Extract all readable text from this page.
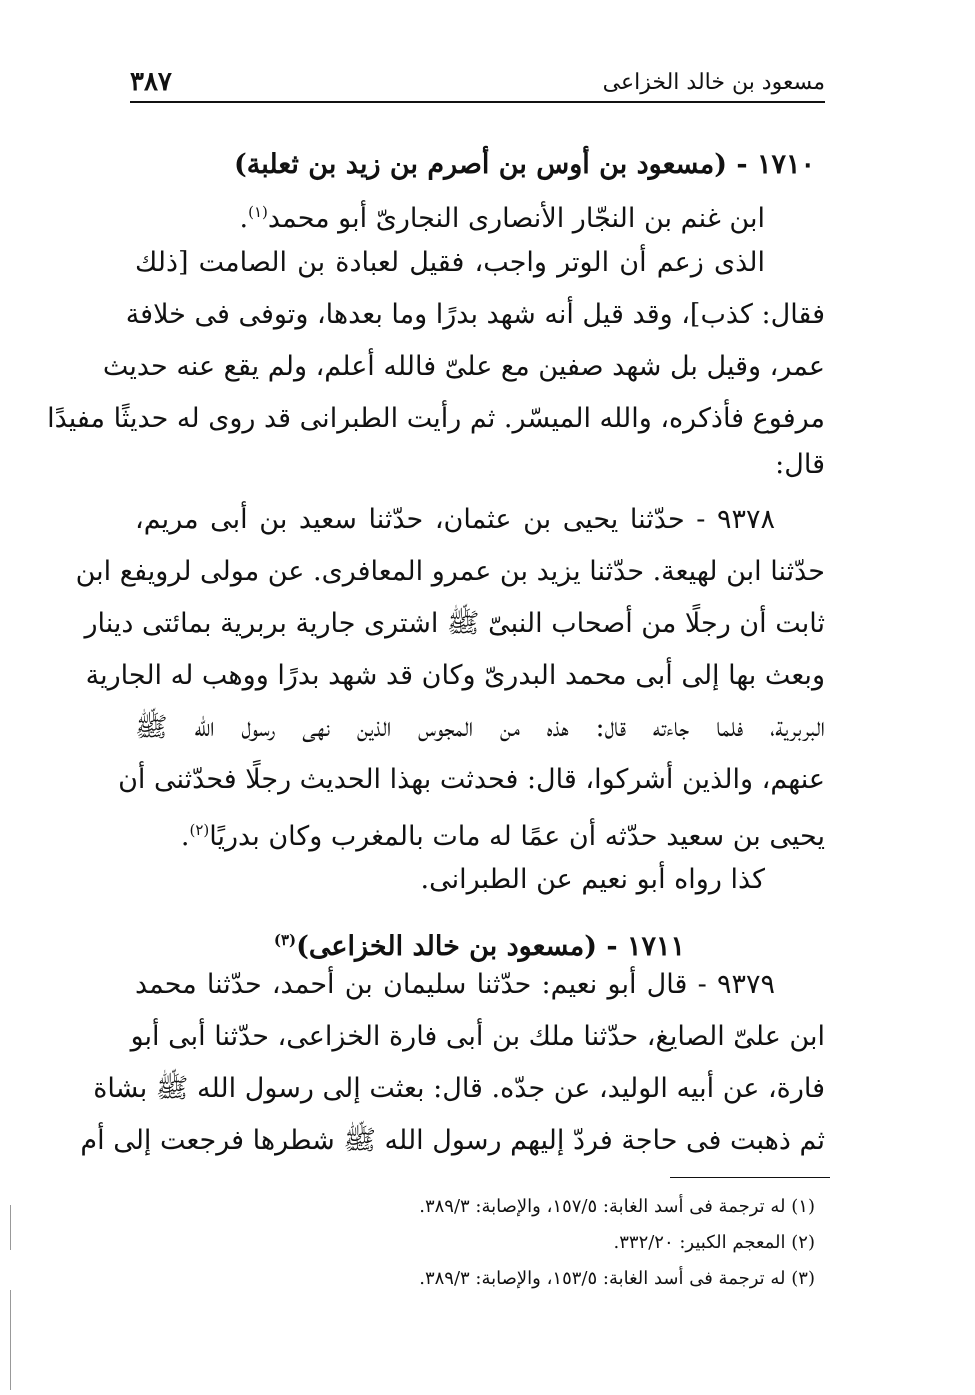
مسعود بن خالد الخزاعى
٣٨٧
١٧١٠ - (مسعود بن أوس بن أصرم بن زيد بن ثعلبة)
ابن غنم بن النجّار الأنصارى النجارىّ أبو محمد$^{(١)}$.
الذى زعم أن الوتر واجب، فقيل لعبادة بن الصامت [ذلك
فقال: كذب]، وقد قيل أنه شهد بدرًا وما بعدها، وتوفى فى خلافة
عمر، وقيل بل شهد صفين مع علىّ فالله أعلم، ولم يقع عنه حديث
مرفوع فأذكره، والله الميسّر. ثم رأيت الطبرانى قد روى له حديثًا مفيدًا
قال:
٩٣٧٨ - حدّثنا يحيى بن عثمان، حدّثنا سعيد بن أبى مريم،
حدّثنا ابن لهيعة. حدّثنا يزيد بن عمرو المعافرى. عن مولى لرويفع ابن
ثابت أن رجلًا من أصحاب النبىّ ﷺ اشترى جارية بربرية بمائتى دينار
وبعث بها إلى أبى محمد البدرىّ وكان قد شهد بدرًا ووهب له الجارية
البربرية، فلما جاءته قال: هذه من المجوس الذين نهى رسول الله ﷺ
عنهم، والذين أشركوا، قال: فحدثت بهذا الحديث رجلًا فحدّثنى أن
يحيى بن سعيد حدّثه أن عمًا له مات بالمغرب وكان بدريًا$^{(٢)}$.
كذا رواه أبو نعيم عن الطبرانى.
١٧١١ - (مسعود بن خالد الخزاعى)$^{(٣)}$
٩٣٧٩ - قال أبو نعيم: حدّثنا سليمان بن أحمد، حدّثنا محمد
ابن علىّ الصايغ، حدّثنا ملك بن أبى فارة الخزاعى، حدّثنا أبى أبو
فارة، عن أبيه الوليد، عن جدّه. قال: بعثت إلى رسول الله ﷺ بشاة
ثم ذهبت فى حاجة فردّ إليهم رسول الله ﷺ شطرها فرجعت إلى أم
(١) له ترجمة فى أسد الغابة: ١٥٧/٥، والإصابة: ٣٨٩/٣.
(٢) المعجم الكبير: ٣٣٢/٢٠.
(٣) له ترجمة فى أسد الغابة: ١٥٣/٥، والإصابة: ٣٨٩/٣.
